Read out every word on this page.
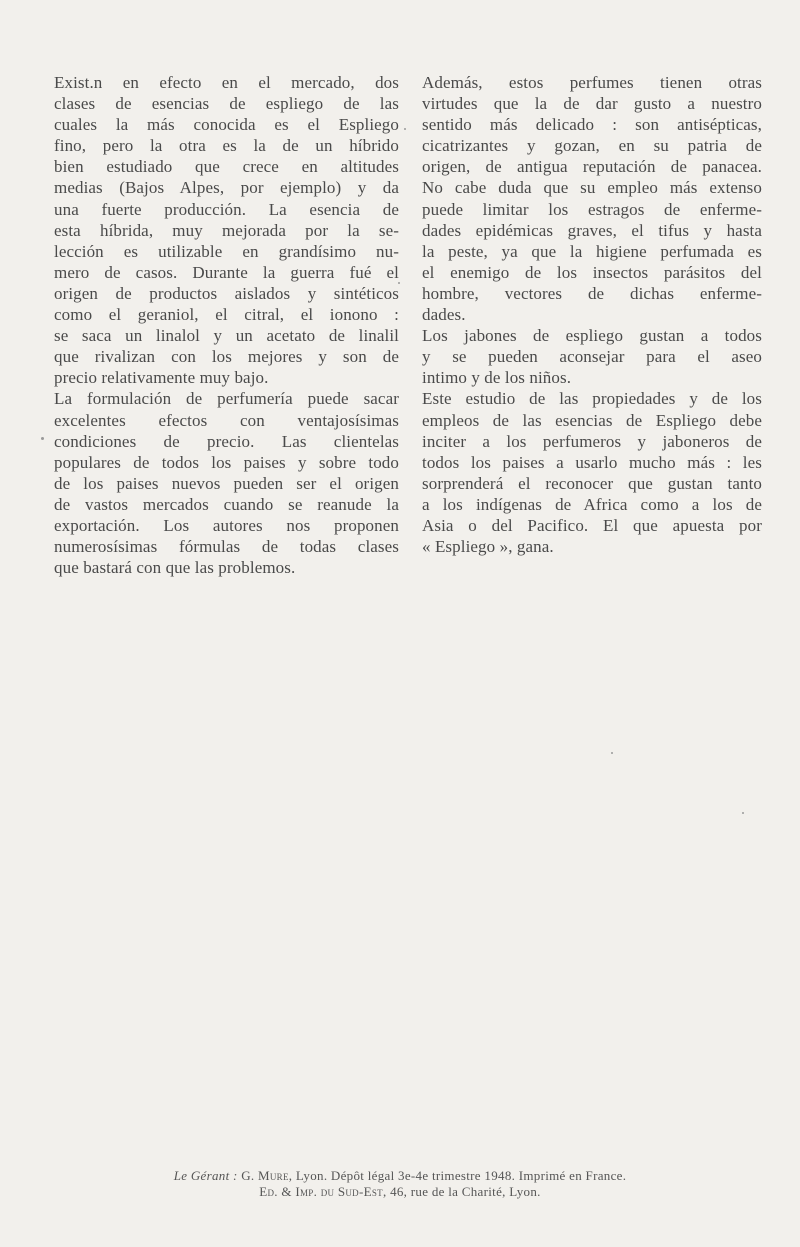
Exist.n en efecto en el mercado, dos
clases de esencias de espliego de las
cuales la más conocida es el Espliego
fino, pero la otra es la de un híbrido
bien estudiado que crece en altitudes
medias (Bajos Alpes, por ejemplo) y da
una fuerte producción. La esencia de
esta híbrida, muy mejorada por la se-
lección es utilizable en grandísimo nu-
mero de casos. Durante la guerra fué el
origen de productos aislados y sintéticos
como el geraniol, el citral, el ionono :
se saca un linalol y un acetato de linalil
que rivalizan con los mejores y son de
precio relativamente muy bajo.
La formulación de perfumería puede sacar
excelentes efectos con ventajosísimas
condiciones de precio. Las clientelas
populares de todos los paises y sobre todo
de los paises nuevos pueden ser el origen
de vastos mercados cuando se reanude la
exportación. Los autores nos proponen
numerosísimas fórmulas de todas clases
que bastará con que las problemos.
Además, estos perfumes tienen otras
virtudes que la de dar gusto a nuestro
sentido más delicado : son antisépticas,
cicatrizantes y gozan, en su patria de
origen, de antigua reputación de panacea.
No cabe duda que su empleo más extenso
puede limitar los estragos de enferme-
dades epidémicas graves, el tifus y hasta
la peste, ya que la higiene perfumada es
el enemigo de los insectos parásitos del
hombre, vectores de dichas enferme-
dades.
Los jabones de espliego gustan a todos
y se pueden aconsejar para el aseo
intimo y de los niños.
Este estudio de las propiedades y de los
empleos de las esencias de Espliego debe
inciter a los perfumeros y jaboneros de
todos los paises a usarlo mucho más : les
sorprenderá el reconocer que gustan tanto
a los indígenas de Africa como a los de
Asia o del Pacifico. El que apuesta por
« Espliego », gana.
Le Gérant : G. Mure, Lyon. Dépôt légal 3e-4e trimestre 1948. Imprimé en France.
Ed. & Imp. du Sud-Est, 46, rue de la Charité, Lyon.
